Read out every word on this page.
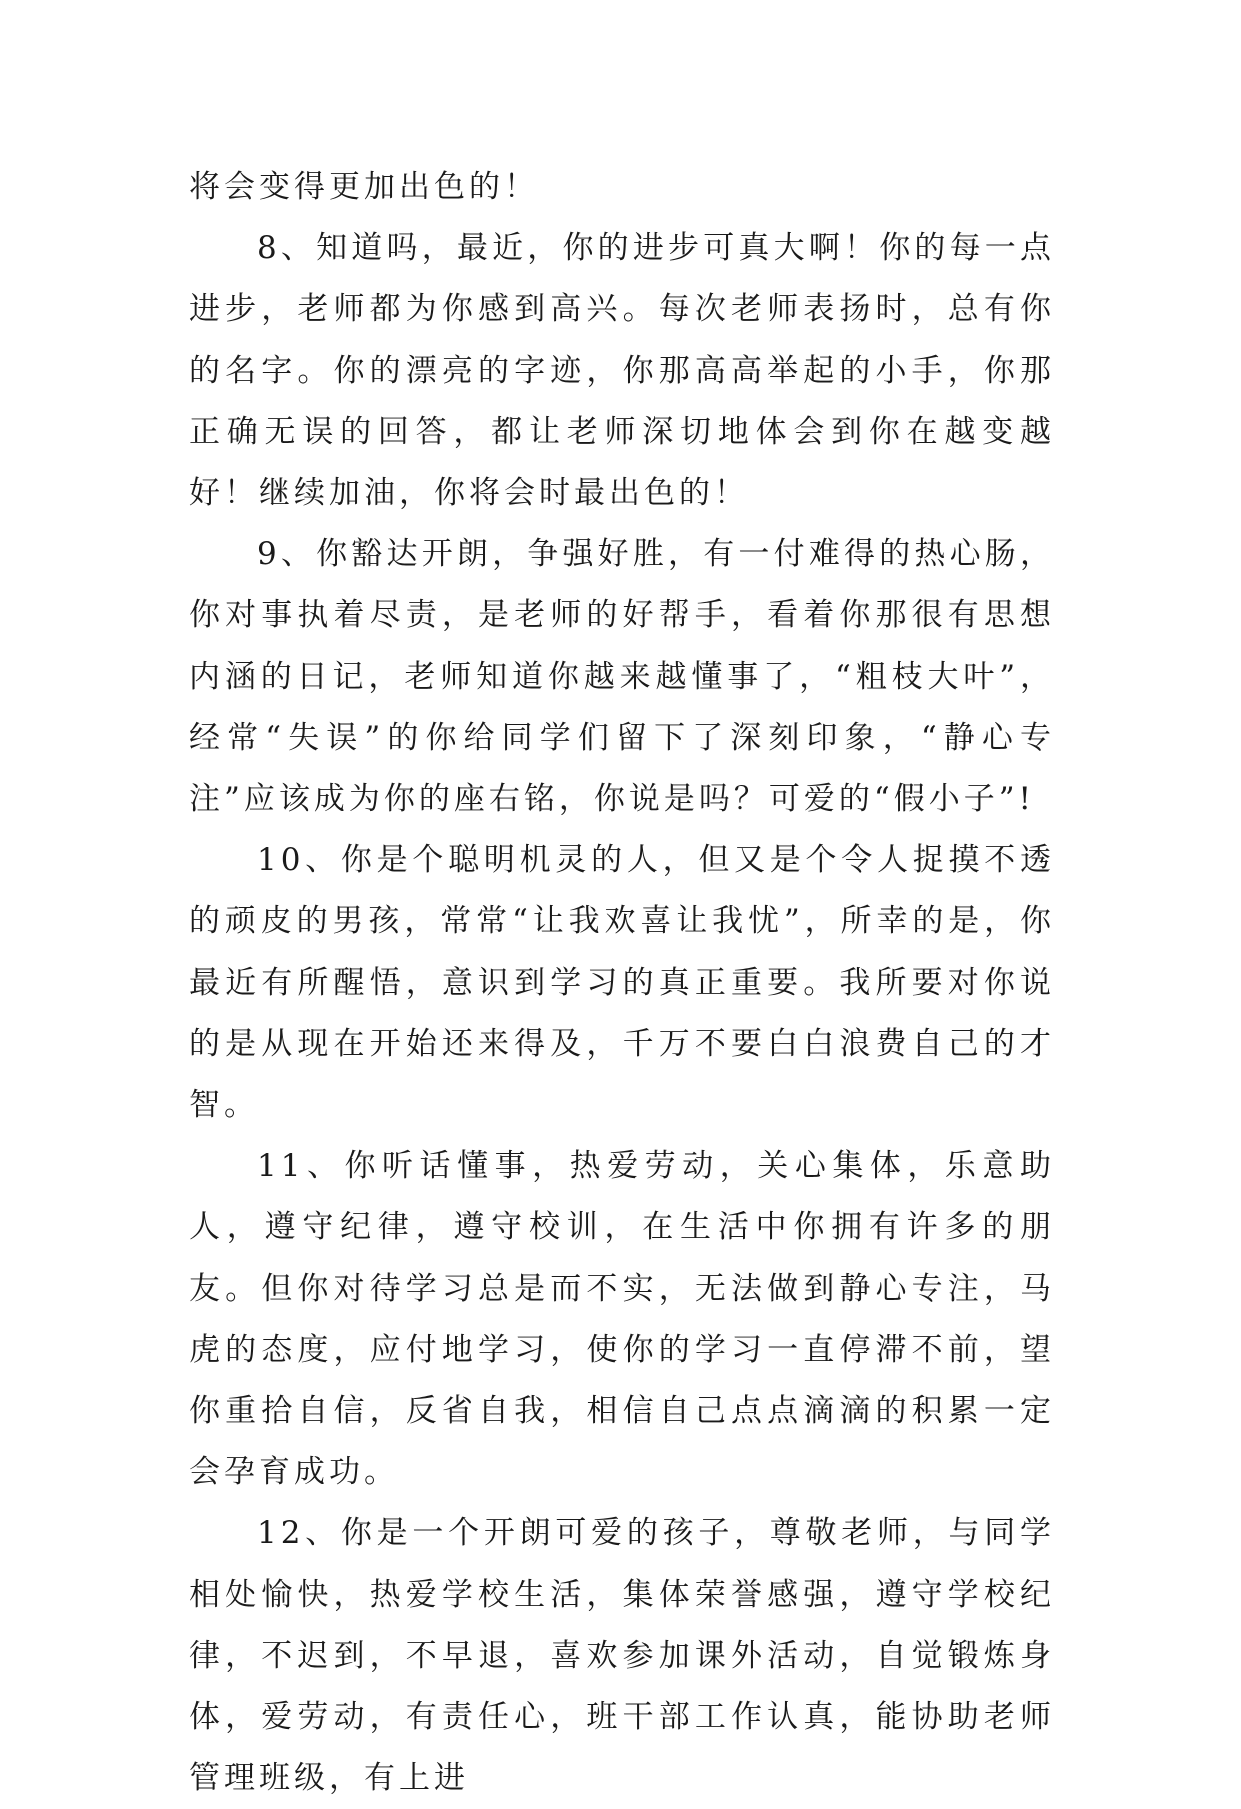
将会变得更加出色的！

8、知道吗，最近，你的进步可真大啊！你的每一点进步，老师都为你感到高兴。每次老师表扬时，总有你的名字。你的漂亮的字迹，你那高高举起的小手，你那正确无误的回答，都让老师深切地体会到你在越变越好！继续加油，你将会时最出色的！

9、你豁达开朗，争强好胜，有一付难得的热心肠，你对事执着尽责，是老师的好帮手，看着你那很有思想内涵的日记，老师知道你越来越懂事了，“粗枝大叶”，经常“失误”的你给同学们留下了深刻印象，“静心专注”应该成为你的座右铭，你说是吗？可爱的“假小子”!

10、你是个聪明机灵的人，但又是个令人捉摸不透的顽皮的男孩，常常“让我欢喜让我忧”，所幸的是，你最近有所醒悟，意识到学习的真正重要。我所要对你说的是从现在开始还来得及，千万不要白白浪费自己的才智。

11、你听话懂事，热爱劳动，关心集体，乐意助人，遵守纪律，遵守校训，在生活中你拥有许多的朋友。但你对待学习总是而不实，无法做到静心专注，马虎的态度，应付地学习，使你的学习一直停滞不前，望你重拾自信，反省自我，相信自己点点滴滴的积累一定会孕育成功。

12、你是一个开朗可爱的孩子，尊敬老师，与同学相处愉快，热爱学校生活，集体荣誉感强，遵守学校纪律，不迟到，不早退，喜欢参加课外活动，自觉锻炼身体，爱劳动，有责任心，班干部工作认真，能协助老师管理班级，有上进
